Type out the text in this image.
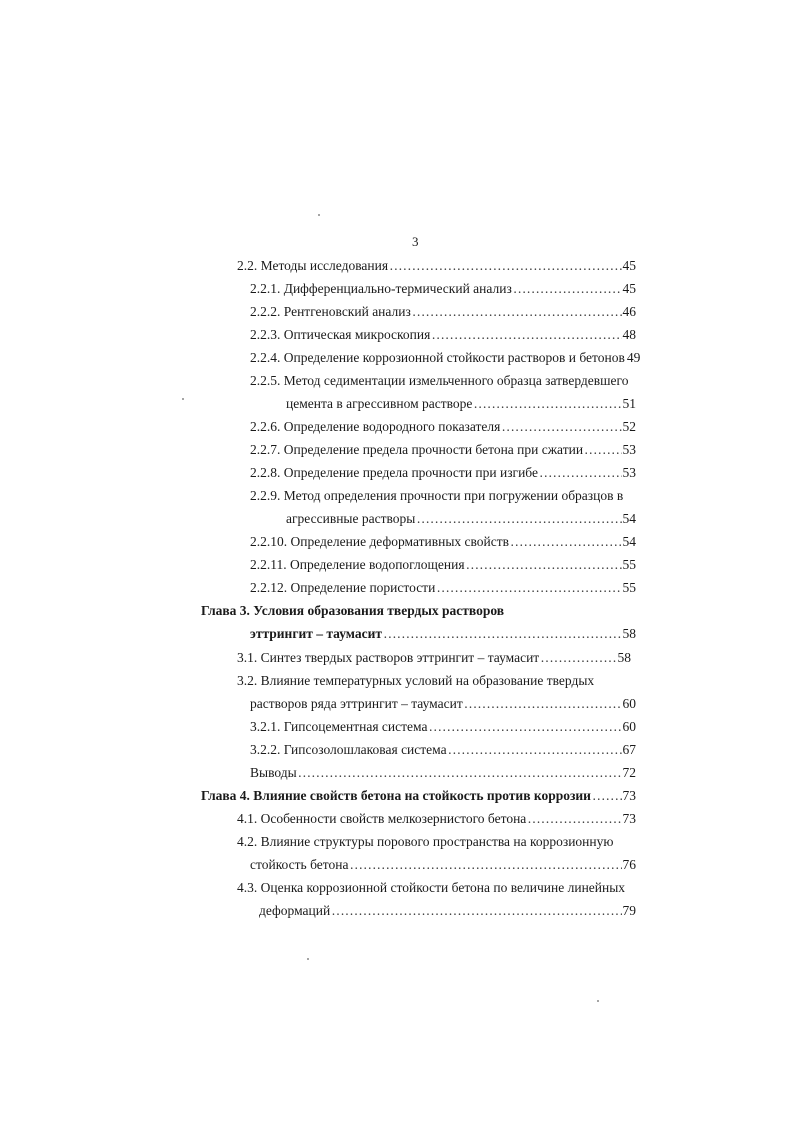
3
2.2. Методы исследования ………………………………………………………………………………………………………………………………………………………………………………	45
2.2.1. Дифференциально-термический анализ ………………………………………………………………………………………………………………………………………………………………………………	45
2.2.2. Рентгеновский анализ ………………………………………………………………………………………………………………………………………………………………………………	46
2.2.3. Оптическая микроскопия ………………………………………………………………………………………………………………………………………………………………………………	48
2.2.4. Определение коррозионной стойкости растворов и бетонов 49
2.2.5. Метод седиментации измельченного образца затвердевшего
цемента в агрессивном растворе ………………………………………………………………………………………………………………………………………………………………………………	51
2.2.6. Определение водородного показателя ………………………………………………………………………………………………………………………………………………………………………………	52
2.2.7. Определение предела прочности бетона при сжатии ………………………………………………………………………………………………………………………………………………………………………………	53
2.2.8. Определение предела прочности при изгибе ………………………………………………………………………………………………………………………………………………………………………………	53
2.2.9. Метод определения прочности при погружении образцов в
агрессивные растворы ………………………………………………………………………………………………………………………………………………………………………………	54
2.2.10. Определение деформативных свойств ………………………………………………………………………………………………………………………………………………………………………………	54
2.2.11. Определение водопоглощения ………………………………………………………………………………………………………………………………………………………………………………	55
2.2.12. Определение пористости ………………………………………………………………………………………………………………………………………………………………………………	55
Глава 3. Условия образования твердых растворов
эттрингит – таумасит ………………………………………………………………………………………………………………………………………………………………………………	58
3.1. Синтез твердых растворов эттрингит – таумасит ………………………………………………………………………………………………………………………………………………………………………………	58
3.2. Влияние температурных условий на образование твердых
растворов ряда эттрингит – таумасит ………………………………………………………………………………………………………………………………………………………………………………	60
3.2.1. Гипсоцементная система ………………………………………………………………………………………………………………………………………………………………………………	60
3.2.2. Гипсозолошлаковая система ………………………………………………………………………………………………………………………………………………………………………………	67
Выводы ………………………………………………………………………………………………………………………………………………………………………………	72
Глава 4. Влияние свойств бетона на стойкость против коррозии ……………………………………………………………………………………………………………………………………………………………………………… 73
4.1. Особенности свойств мелкозернистого бетона ………………………………………………………………………………………………………………………………………………………………………………	73
4.2. Влияние структуры порового пространства на коррозионную
стойкость бетона ………………………………………………………………………………………………………………………………………………………………………………	76
4.3. Оценка коррозионной стойкости бетона по величине линейных
деформаций ………………………………………………………………………………………………………………………………………………………………………………	79
